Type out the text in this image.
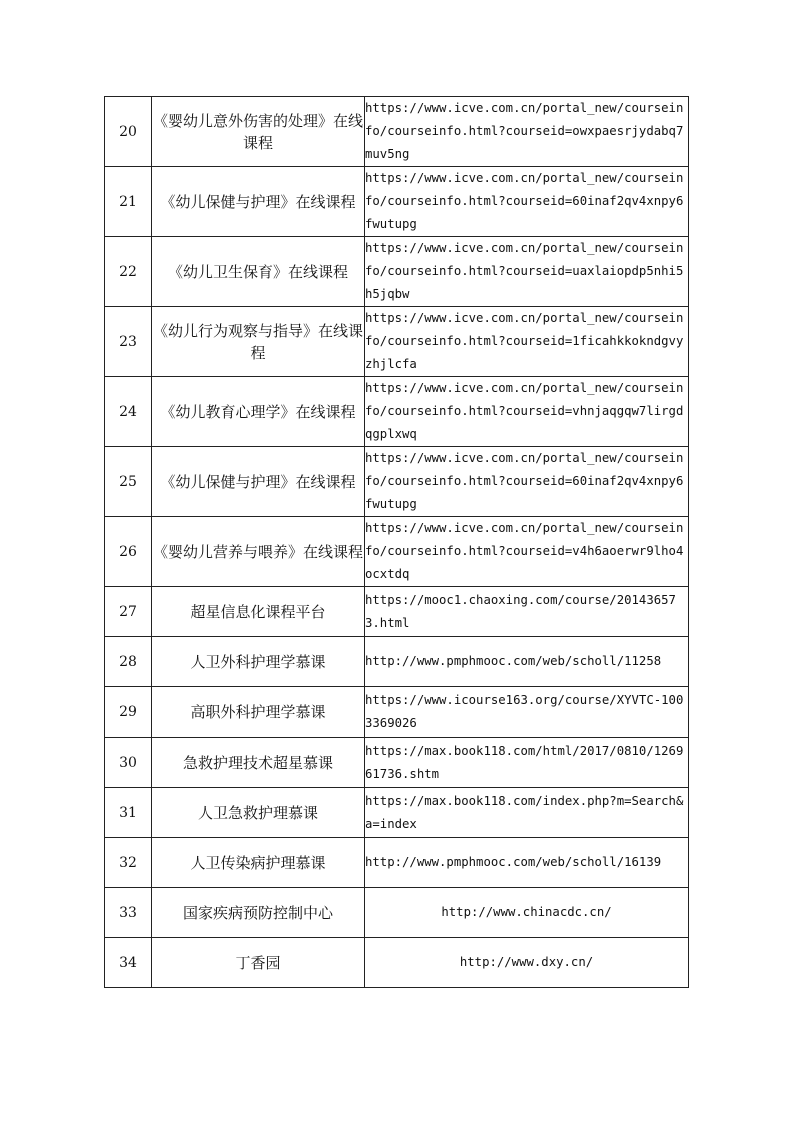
20	《婴幼儿意外伤害的处理》在线课程	https://www.icve.com.cn/portal_new/courseinfo/courseinfo.html?courseid=owxpaesrjydabq7muv5ng
21	《幼儿保健与护理》在线课程	https://www.icve.com.cn/portal_new/courseinfo/courseinfo.html?courseid=60inaf2qv4xnpy6fwutupg
22	《幼儿卫生保育》在线课程	https://www.icve.com.cn/portal_new/courseinfo/courseinfo.html?courseid=uaxlaiopdp5nhi5h5jqbw
23	《幼儿行为观察与指导》在线课程	https://www.icve.com.cn/portal_new/courseinfo/courseinfo.html?courseid=1ficahkkokndgvyzhjlcfa
24	《幼儿教育心理学》在线课程	https://www.icve.com.cn/portal_new/courseinfo/courseinfo.html?courseid=vhnjaqgqw7lirgdqgplxwq
25	《幼儿保健与护理》在线课程	https://www.icve.com.cn/portal_new/courseinfo/courseinfo.html?courseid=60inaf2qv4xnpy6fwutupg
26	《婴幼儿营养与喂养》在线课程	https://www.icve.com.cn/portal_new/courseinfo/courseinfo.html?courseid=v4h6aoerwr9lho4ocxtdq
27	超星信息化课程平台	https://mooc1.chaoxing.com/course/201436573.html
28	人卫外科护理学慕课	http://www.pmphmooc.com/web/scholl/11258
29	高职外科护理学慕课	https://www.icourse163.org/course/XYVTC-1003369026
30	急救护理技术超星慕课	https://max.book118.com/html/2017/0810/126961736.shtm
31	人卫急救护理慕课	https://max.book118.com/index.php?m=Search&a=index
32	人卫传染病护理慕课	http://www.pmphmooc.com/web/scholl/16139
33	国家疾病预防控制中心	http://www.chinacdc.cn/
34	丁香园	http://www.dxy.cn/
